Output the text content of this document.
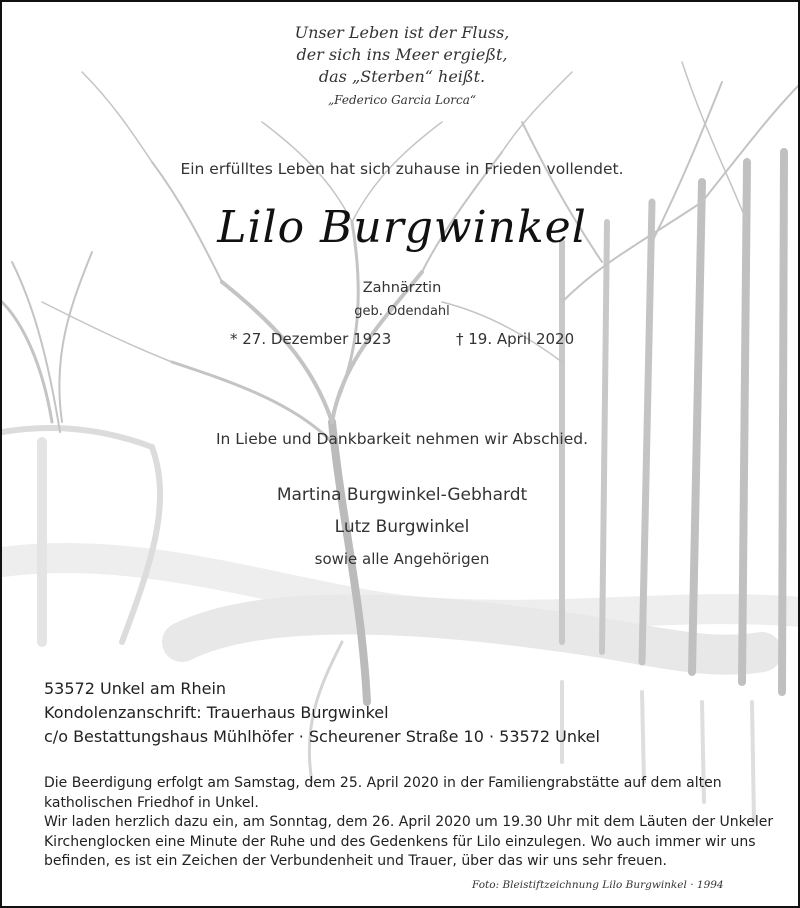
Unser Leben ist der Fluss,
der sich ins Meer ergießt,
das „Sterben“ heißt.
„Federico Garcia Lorca“
Ein erfülltes Leben hat sich zuhause in Frieden vollendet.
Lilo Burgwinkel
Zahnärztin
geb. Odendahl
* 27. Dezember 1923	† 19. April 2020
In Liebe und Dankbarkeit nehmen wir Abschied.
Martina Burgwinkel-Gebhardt
Lutz Burgwinkel
sowie alle Angehörigen
53572 Unkel am Rhein
Kondolenzanschrift: Trauerhaus Burgwinkel
c/o Bestattungshaus Mühlhöfer · Scheurener Straße 10 · 53572 Unkel
Die Beerdigung erfolgt am Samstag, dem 25. April 2020 in der Familiengrabstätte auf dem alten katholischen Friedhof in Unkel.
Wir laden herzlich dazu ein, am Sonntag, dem 26. April 2020 um 19.30 Uhr mit dem Läuten der Unkeler Kirchenglocken eine Minute der Ruhe und des Gedenkens für Lilo einzulegen. Wo auch immer wir uns befinden, es ist ein Zeichen der Verbundenheit und Trauer, über das wir uns sehr freuen.
Foto: Bleistiftzeichnung Lilo Burgwinkel · 1994
